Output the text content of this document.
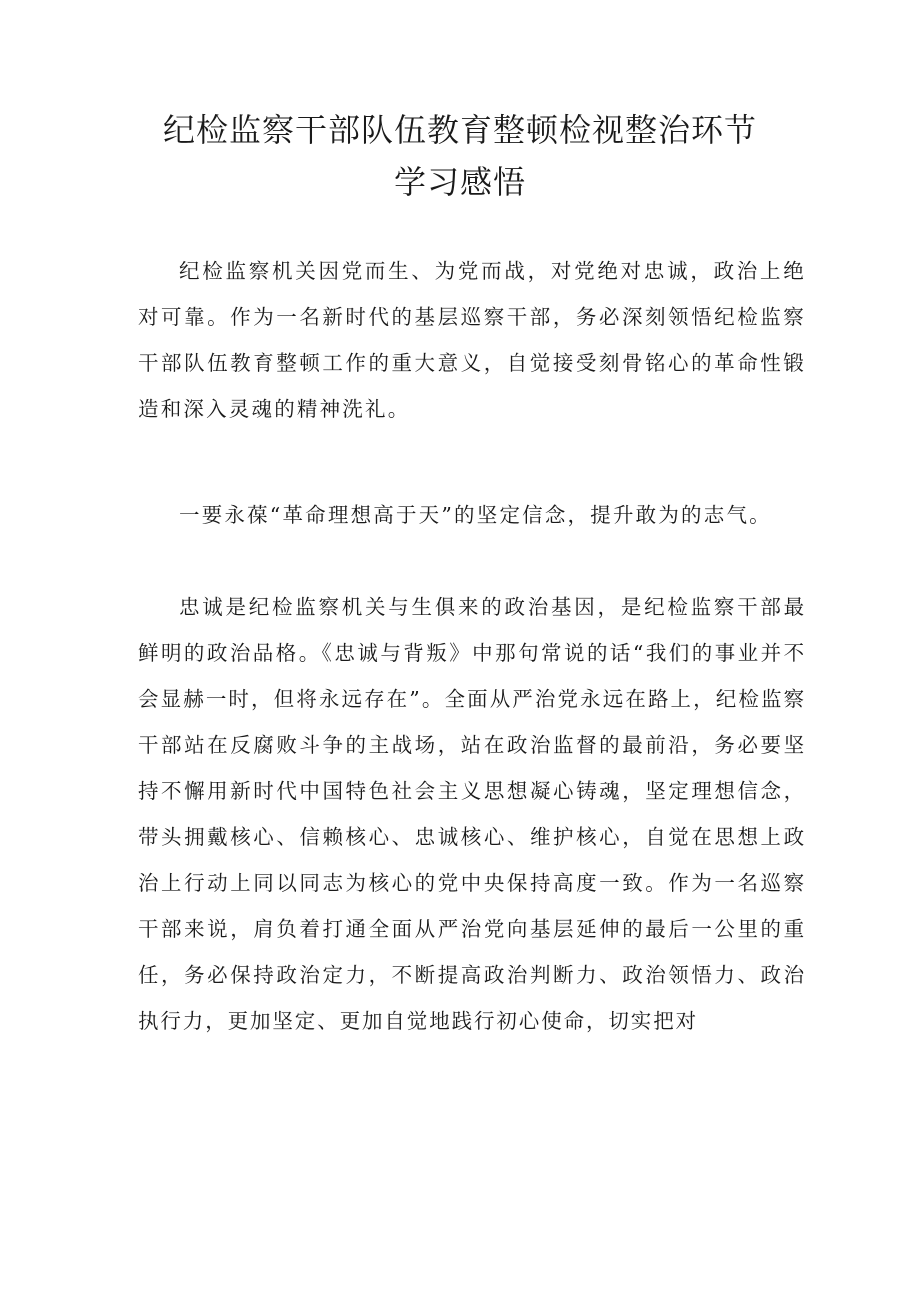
纪检监察干部队伍教育整顿检视整治环节
学习感悟

纪检监察机关因党而生、为党而战，对党绝对忠诚，政治上绝对可靠。作为一名新时代的基层巡察干部，务必深刻领悟纪检监察干部队伍教育整顿工作的重大意义，自觉接受刻骨铭心的革命性锻造和深入灵魂的精神洗礼。

一要永葆“革命理想高于天”的坚定信念，提升敢为的志气。

忠诚是纪检监察机关与生俱来的政治基因，是纪检监察干部最鲜明的政治品格。《忠诚与背叛》中那句常说的话“我们的事业并不会显赫一时，但将永远存在”。全面从严治党永远在路上，纪检监察干部站在反腐败斗争的主战场，站在政治监督的最前沿，务必要坚持不懈用新时代中国特色社会主义思想凝心铸魂，坚定理想信念，带头拥戴核心、信赖核心、忠诚核心、维护核心，自觉在思想上政治上行动上同以同志为核心的党中央保持高度一致。作为一名巡察干部来说，肩负着打通全面从严治党向基层延伸的最后一公里的重任，务必保持政治定力，不断提高政治判断力、政治领悟力、政治执行力，更加坚定、更加自觉地践行初心使命，切实把对
